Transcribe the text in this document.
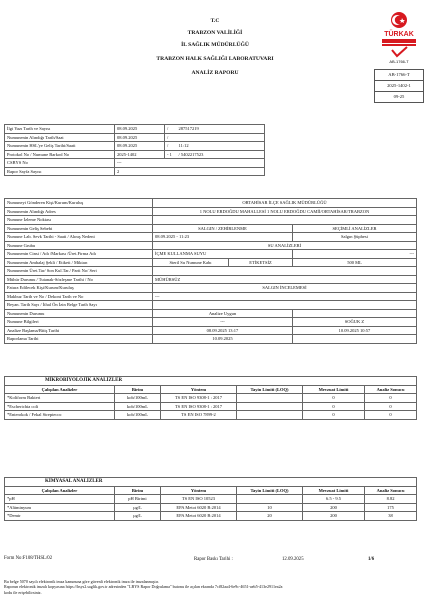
T.C
TRABZON VALİLİĞİ
İL SAĞLIK MÜDÜRLÜĞÜ
TRABZON HALK SAĞLIĞI LABORATUVARI
ANALİZ RAPORU
TÜRKAK
AB-1766-T
AB-1766-T
2025-1402-1
09-25
İlgi Yazı Tarih ve Sayısı	08.09.2025	/	287517219
Numunenin Alındığı Tarih/Saat	08.09.2025	/	
Numunenin HSL'ye Geliş Tarihi/Saati	08.09.2025	/	11:12
Protokol No / Numune Barkod No	2025-1402	- 1	/ 5402217523
CSBYS No	---		
Rapor Sayfa Sayısı	2		
Numuneyi Gönderen Kişi/Kurum/Kuruluş	ORTAHİSAR İLÇE SAĞLIK MÜDÜRLÜĞÜ		
Numunenin Alındığı Adres	1 NOLU ERDOĞDU MAHALLESİ 1 NOLU ERDOĞDU CAMİİ/ORTAHİSAR/TRABZON		
Numune İzleme Noktası			
Numunenin Geliş Sebebi	SALGIN / ZEHİRLENME		SEÇİMLİ ANALİZLER
Numune Lab. Sevk Tarihi - Saati / Alınış Nedeni	08.09.2025 - 11:23		Salgın Şüphesi
Numune Grubu	SU ANALİZLERİ		
Numunenin Cinsi / Adı /Markası /Üret.Firma Adı	İÇME KULLANMA SUYU		---
Numunenin Ambalaj Şekli / Etiketi / Miktarı	Steril Su Numune Kabı	ETİKETSİZ	500 ML
Numunenin Üret.Tar/ Son Kul.Tar./ Parti No/ Seri			
Mühür Durumu / Tutanak-Sözleşme Tarihi / No	MÜHÜRSÜZ		
Fatura Edilecek Kişi/Kurum/Kuruluş	SALGIN İNCELEMESİ		
Makbuz Tarih ve No / Dekont Tarih ve No	---		
Beyan. Tarih Sayı / İthal Ön İzin Belge Tarih Sayı			
Numunenin Durumu	Analize Uygun		
Numune Bilgileri	---		SOĞUK Z
Analize Başlama/Bitiş Tarihi	08.09.2025 13:17		10.09.2025 10:57
Raporlama Tarihi	10.09.2025		
MİKROBİYOLOJİK ANALİZLER					
Çalışılan Analizler	Birim	Yöntem	Tayin Limiti (LOQ)	Mevzuat Limiti	Analiz Sonucu
*Koliform Bakteri	kob/100mL	TS EN ISO 9308-1 : 2017		0	0
*Escherichia coli	kob/100mL	TS EN ISO 9308-1 : 2017		0	0
*Enterokok / Fekal Streptecoc	kob/100mL	TS EN ISO 7899-2		0	0
KİMYASAL ANALİZLER					
Çalışılan Analizler	Birim	Yöntem	Tayin Limiti (LOQ)	Mevzuat Limiti	Analiz Sonucu
*pH	pH Birimi	TS EN ISO 10523		6.5 - 9.5	8.82
*Alüminyum	µg/L	EPA Metot 6020 B:2014	10	200	175
*Demir	µg/L	EPA Metot 6020 B:2014	20	200	38
Form No:F108/THSL/02	Rapor Baskı Tarihi :	12.09.2025	1/6
Bu belge 5070 sayılı elektronik imza kanununa göre güvenli elektronik imza ile imzalanmıştır.
Raporun elektronik imzalı kopyasına https://hsys2.saglik.gov.tr adresinden "LBYS Rapor Doğrulama" butonu ile açılan ekranda 7cf82aa4-6e9c-4651-aeb5-413e2911ea2a
kodu ile erişebilirsiniz.
